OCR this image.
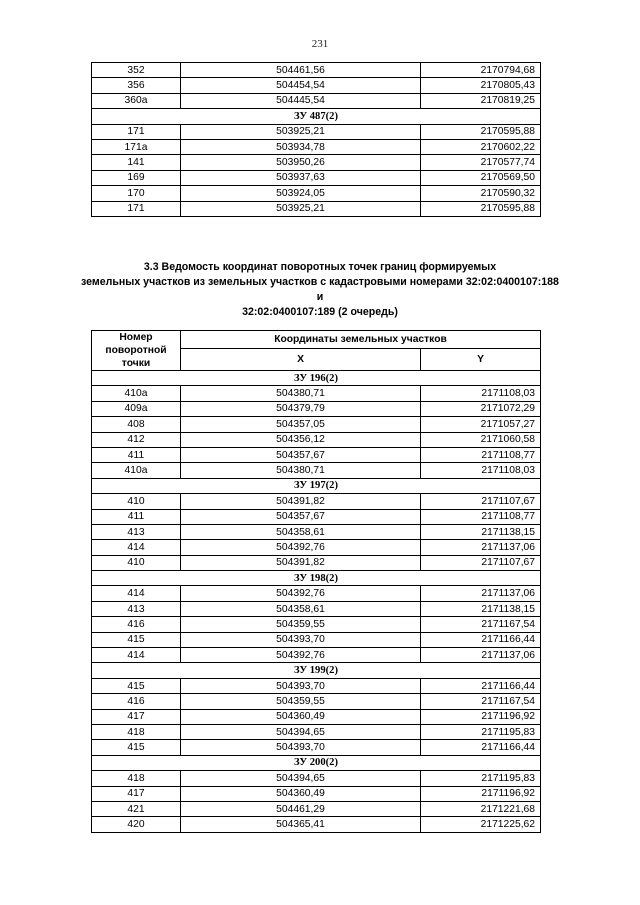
231
352	504461,56	2170794,68
356	504454,54	2170805,43
360а	504445,54	2170819,25
ЗУ 487(2)		
171	503925,21	2170595,88
171а	503934,78	2170602,22
141	503950,26	2170577,74
169	503937,63	2170569,50
170	503924,05	2170590,32
171	503925,21	2170595,88
3.3 Ведомость координат поворотных точек границ формируемых
земельных участков из земельных участков с кадастровыми номерами 32:02:0400107:188 и
32:02:0400107:189 (2 очередь)
Номер поворотной точки	Координаты земельных участков	
	X	Y
ЗУ 196(2)		
410а	504380,71	2171108,03
409а	504379,79	2171072,29
408	504357,05	2171057,27
412	504356,12	2171060,58
411	504357,67	2171108,77
410а	504380,71	2171108,03
ЗУ 197(2)		
410	504391,82	2171107,67
411	504357,67	2171108,77
413	504358,61	2171138,15
414	504392,76	2171137,06
410	504391,82	2171107,67
ЗУ 198(2)		
414	504392,76	2171137,06
413	504358,61	2171138,15
416	504359,55	2171167,54
415	504393,70	2171166,44
414	504392,76	2171137,06
ЗУ 199(2)		
415	504393,70	2171166,44
416	504359,55	2171167,54
417	504360,49	2171196,92
418	504394,65	2171195,83
415	504393,70	2171166,44
ЗУ 200(2)		
418	504394,65	2171195,83
417	504360,49	2171196,92
421	504461,29	2171221,68
420	504365,41	2171225,62
